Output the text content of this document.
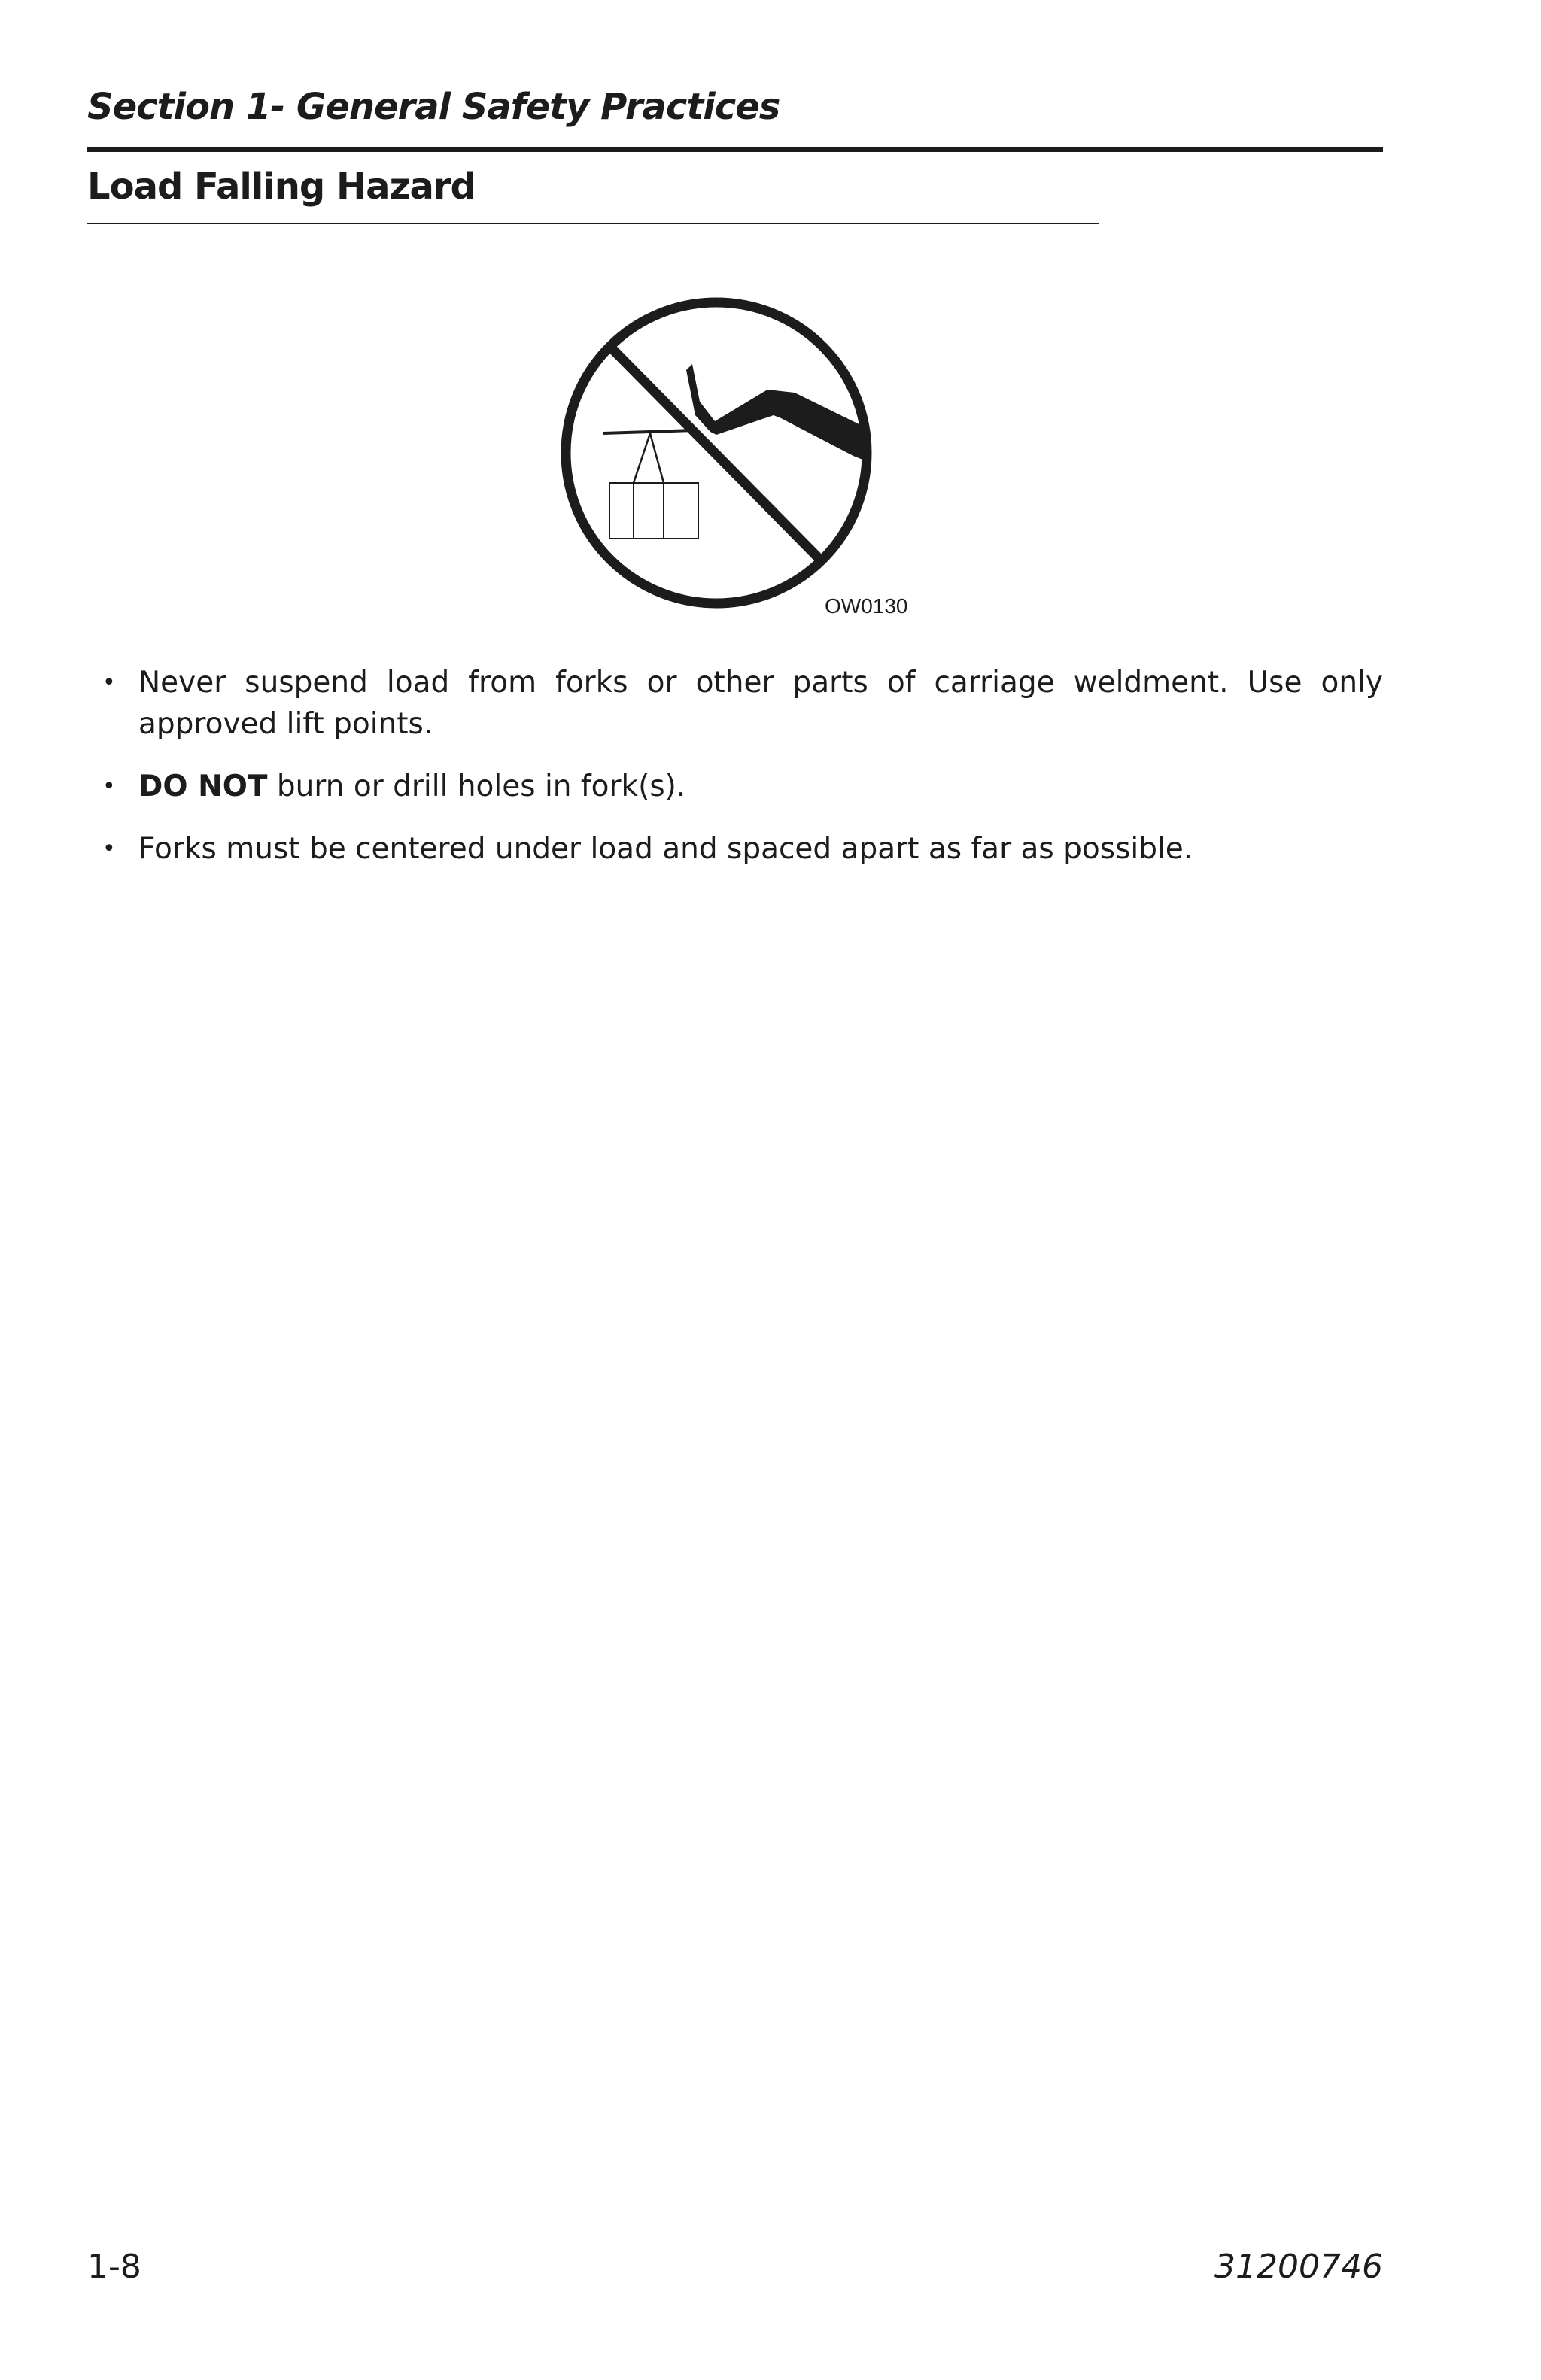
Section 1- General Safety Practices
Load Falling Hazard
OW0130
• Never suspend load from forks or other parts of carriage weldment. Use only approved lift points.
• DO NOT burn or drill holes in fork(s).
• Forks must be centered under load and spaced apart as far as possible.
1-8	31200746
